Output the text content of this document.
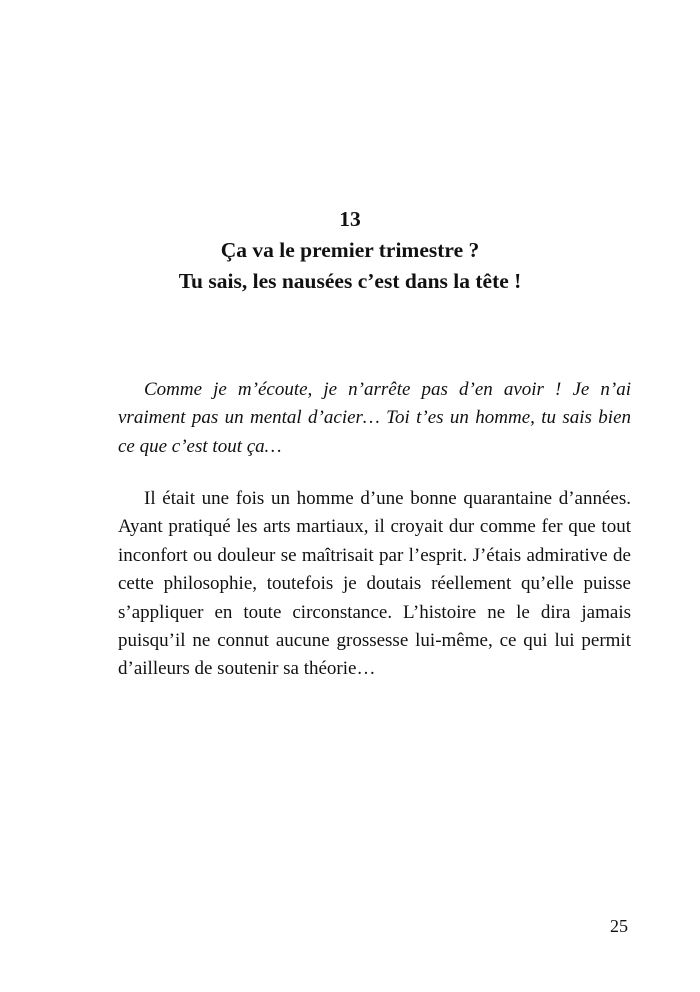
13
Ça va le premier trimestre ?
Tu sais, les nausées c’est dans la tête !

Comme je m’écoute, je n’arrête pas d’en avoir ! Je n’ai vraiment pas un mental d’acier… Toi t’es un homme, tu sais bien ce que c’est tout ça…

Il était une fois un homme d’une bonne quarantaine d’années. Ayant pratiqué les arts martiaux, il croyait dur comme fer que tout inconfort ou douleur se maîtrisait par l’esprit. J’étais admirative de cette philosophie, toutefois je doutais réellement qu’elle puisse s’appliquer en toute circonstance. L’histoire ne le dira jamais puisqu’il ne connut aucune grossesse lui-même, ce qui lui permit d’ailleurs de soutenir sa théorie…

25
